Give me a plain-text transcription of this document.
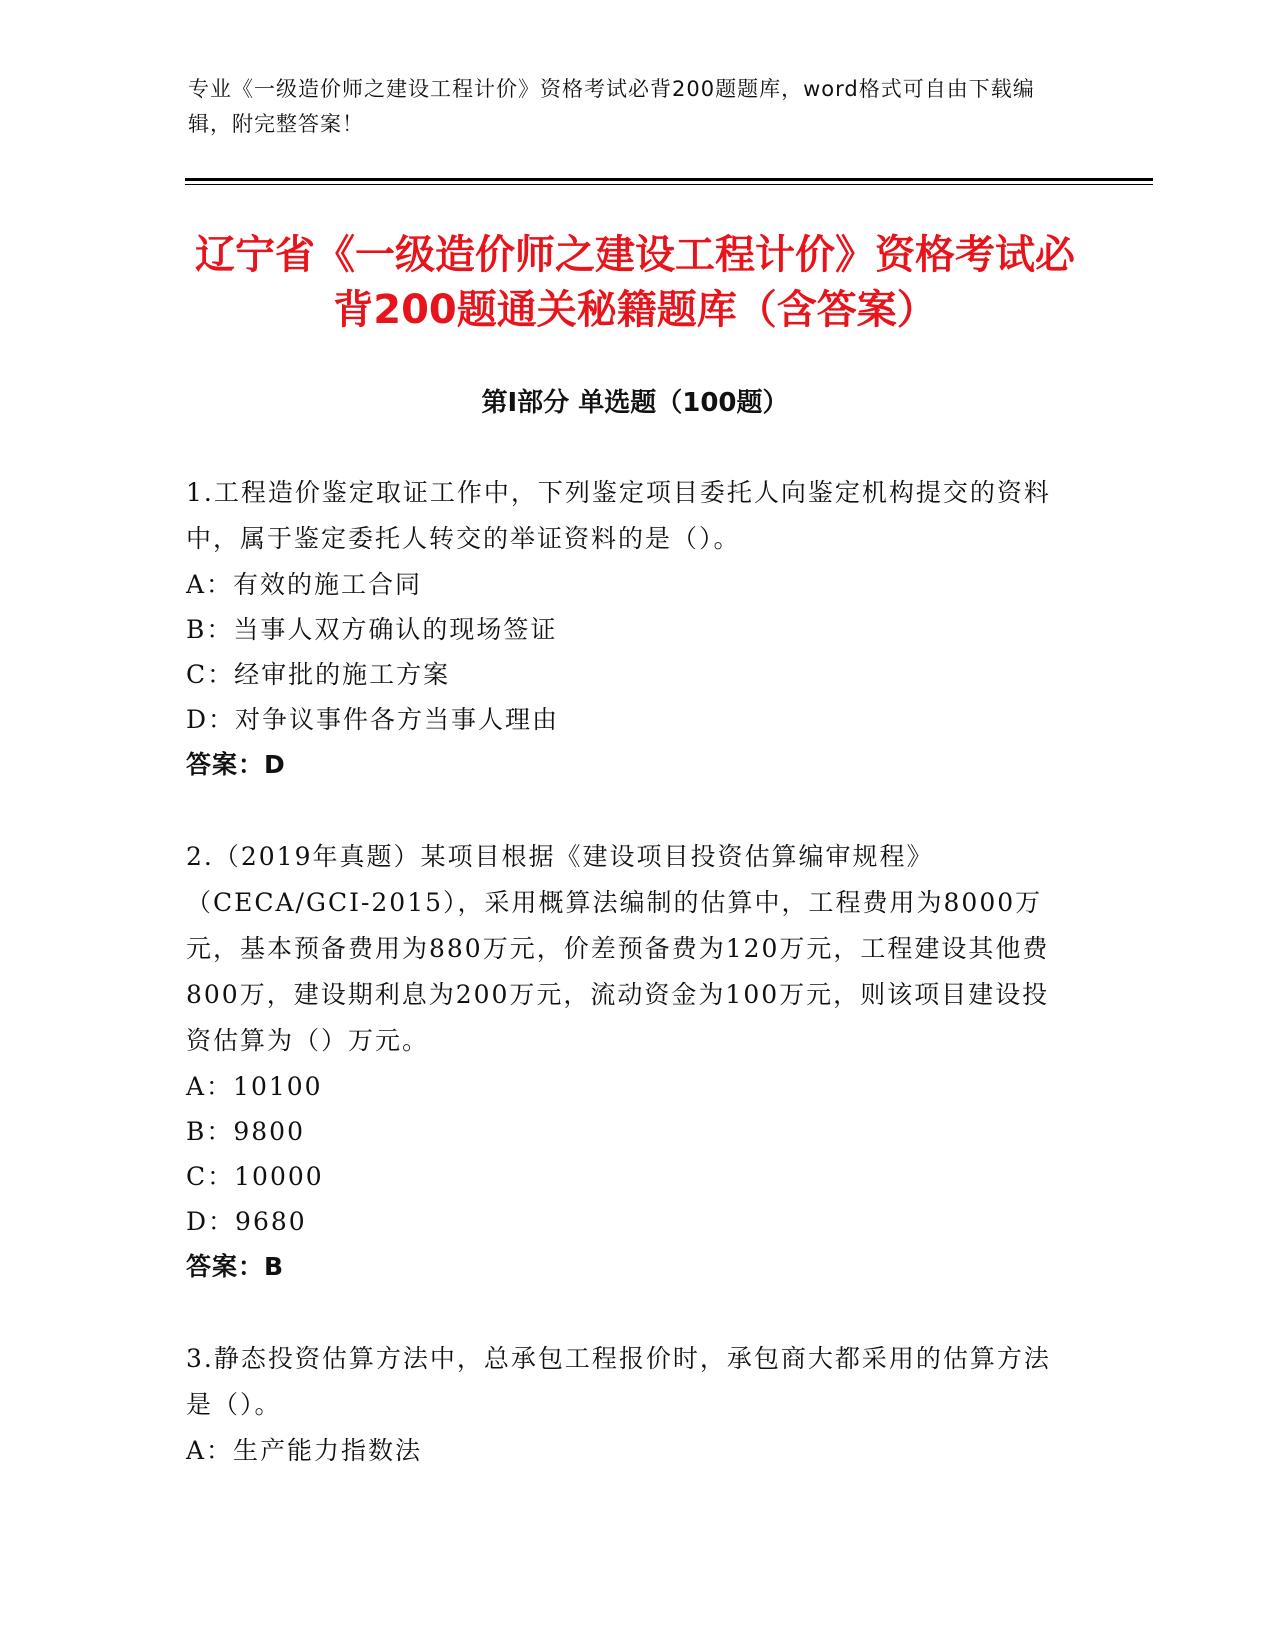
专业《一级造价师之建设工程计价》资格考试必背200题题库，word格式可自由下载编辑，附完整答案！
辽宁省《一级造价师之建设工程计价》资格考试必背200题通关秘籍题库（含答案）
第Ⅰ部分 单选题（100题）

1.工程造价鉴定取证工作中，下列鉴定项目委托人向鉴定机构提交的资料中，属于鉴定委托人转交的举证资料的是（）。

A：有效的施工合同

B：当事人双方确认的现场签证

C：经审批的施工方案

D：对争议事件各方当事人理由

答案：D

2.（2019年真题）某项目根据《建设项目投资估算编审规程》（CECA/GCI-2015），采用概算法编制的估算中，工程费用为8000万元，基本预备费用为880万元，价差预备费为120万元，工程建设其他费800万，建设期利息为200万元，流动资金为100万元，则该项目建设投资估算为（）万元。

A：10100

B：9800

C：10000

D：9680

答案：B

3.静态投资估算方法中，总承包工程报价时，承包商大都采用的估算方法是（）。

A：生产能力指数法
